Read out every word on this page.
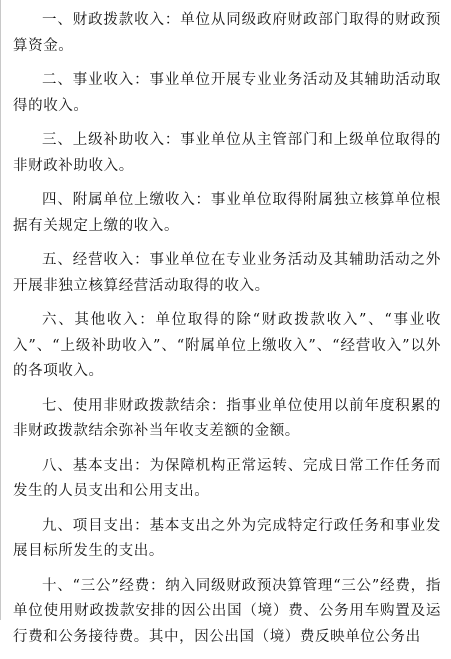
一、财政拨款收入：单位从同级政府财政部门取得的财政预算资金。

二、事业收入：事业单位开展专业业务活动及其辅助活动取得的收入。

三、上级补助收入：事业单位从主管部门和上级单位取得的非财政补助收入。

四、附属单位上缴收入：事业单位取得附属独立核算单位根据有关规定上缴的收入。

五、经营收入：事业单位在专业业务活动及其辅助活动之外开展非独立核算经营活动取得的收入。

六、其他收入：单位取得的除“财政拨款收入”、“事业收入”、“上级补助收入”、“附属单位上缴收入”、“经营收入”以外的各项收入。

七、使用非财政拨款结余：指事业单位使用以前年度积累的非财政拨款结余弥补当年收支差额的金额。

八、基本支出：为保障机构正常运转、完成日常工作任务而发生的人员支出和公用支出。

九、项目支出：基本支出之外为完成特定行政任务和事业发展目标所发生的支出。

十、“三公”经费：纳入同级财政预决算管理“三公”经费，指单位使用财政拨款安排的因公出国（境）费、公务用车购置及运行费和公务接待费。其中，因公出国（境）费反映单位公务出
